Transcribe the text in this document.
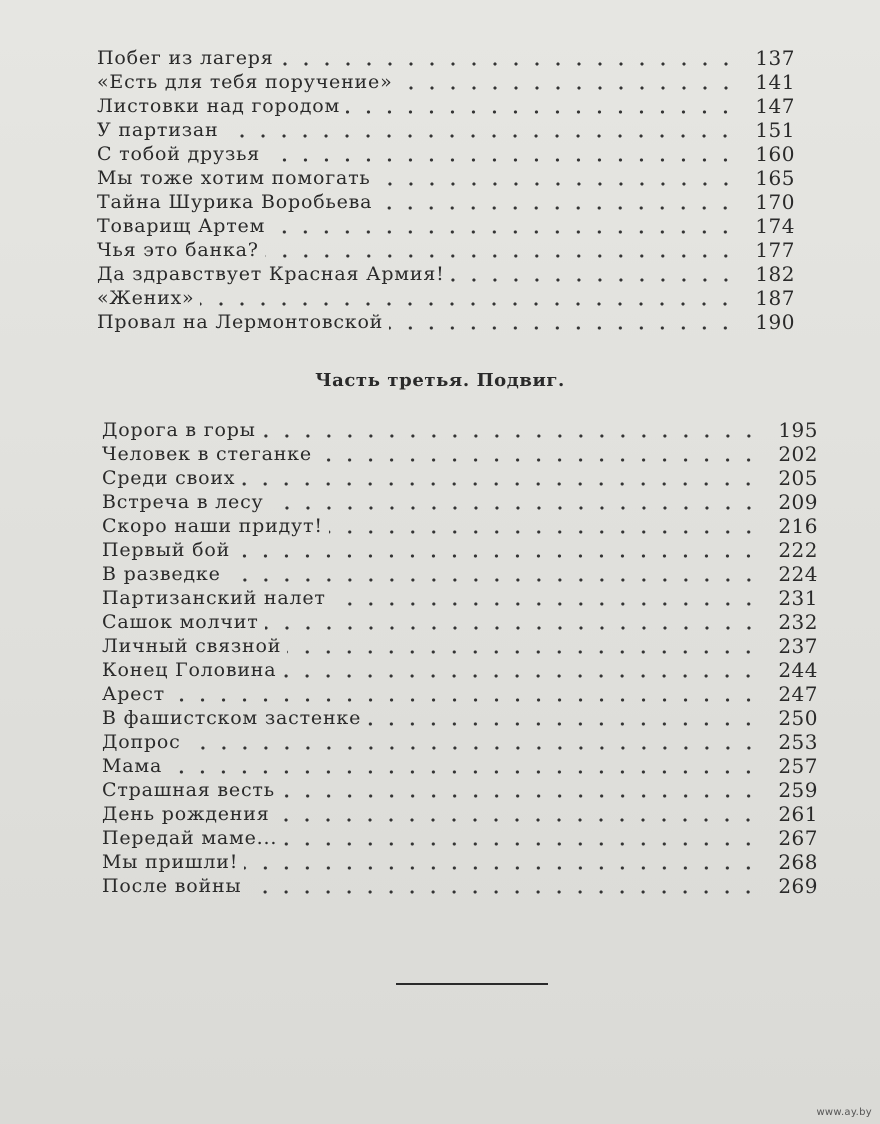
Побег из лагеря	137
«Есть для тебя поручение»	141
Листовки над городом	147
У партизан	151
С тобой друзья	160
Мы тоже хотим помогать	165
Тайна Шурика Воробьева	170
Товарищ Артем	174
Чья это банка?	177
Да здравствует Красная Армия!	182
«Жених»	187
Провал на Лермонтовской	190
Часть третья. Подвиг.
Дорога в горы	195
Человек в стеганке	202
Среди своих	205
Встреча в лесу	209
Скоро наши придут!	216
Первый бой	222
В разведке	224
Партизанский налет	231
Сашок молчит	232
Личный связной	237
Конец Головина	244
Арест	247
В фашистском застенке	250
Допрос	253
Мама	257
Страшная весть	259
День рождения	261
Передай маме...	267
Мы пришли!	268
После войны	269
www.ay.by
